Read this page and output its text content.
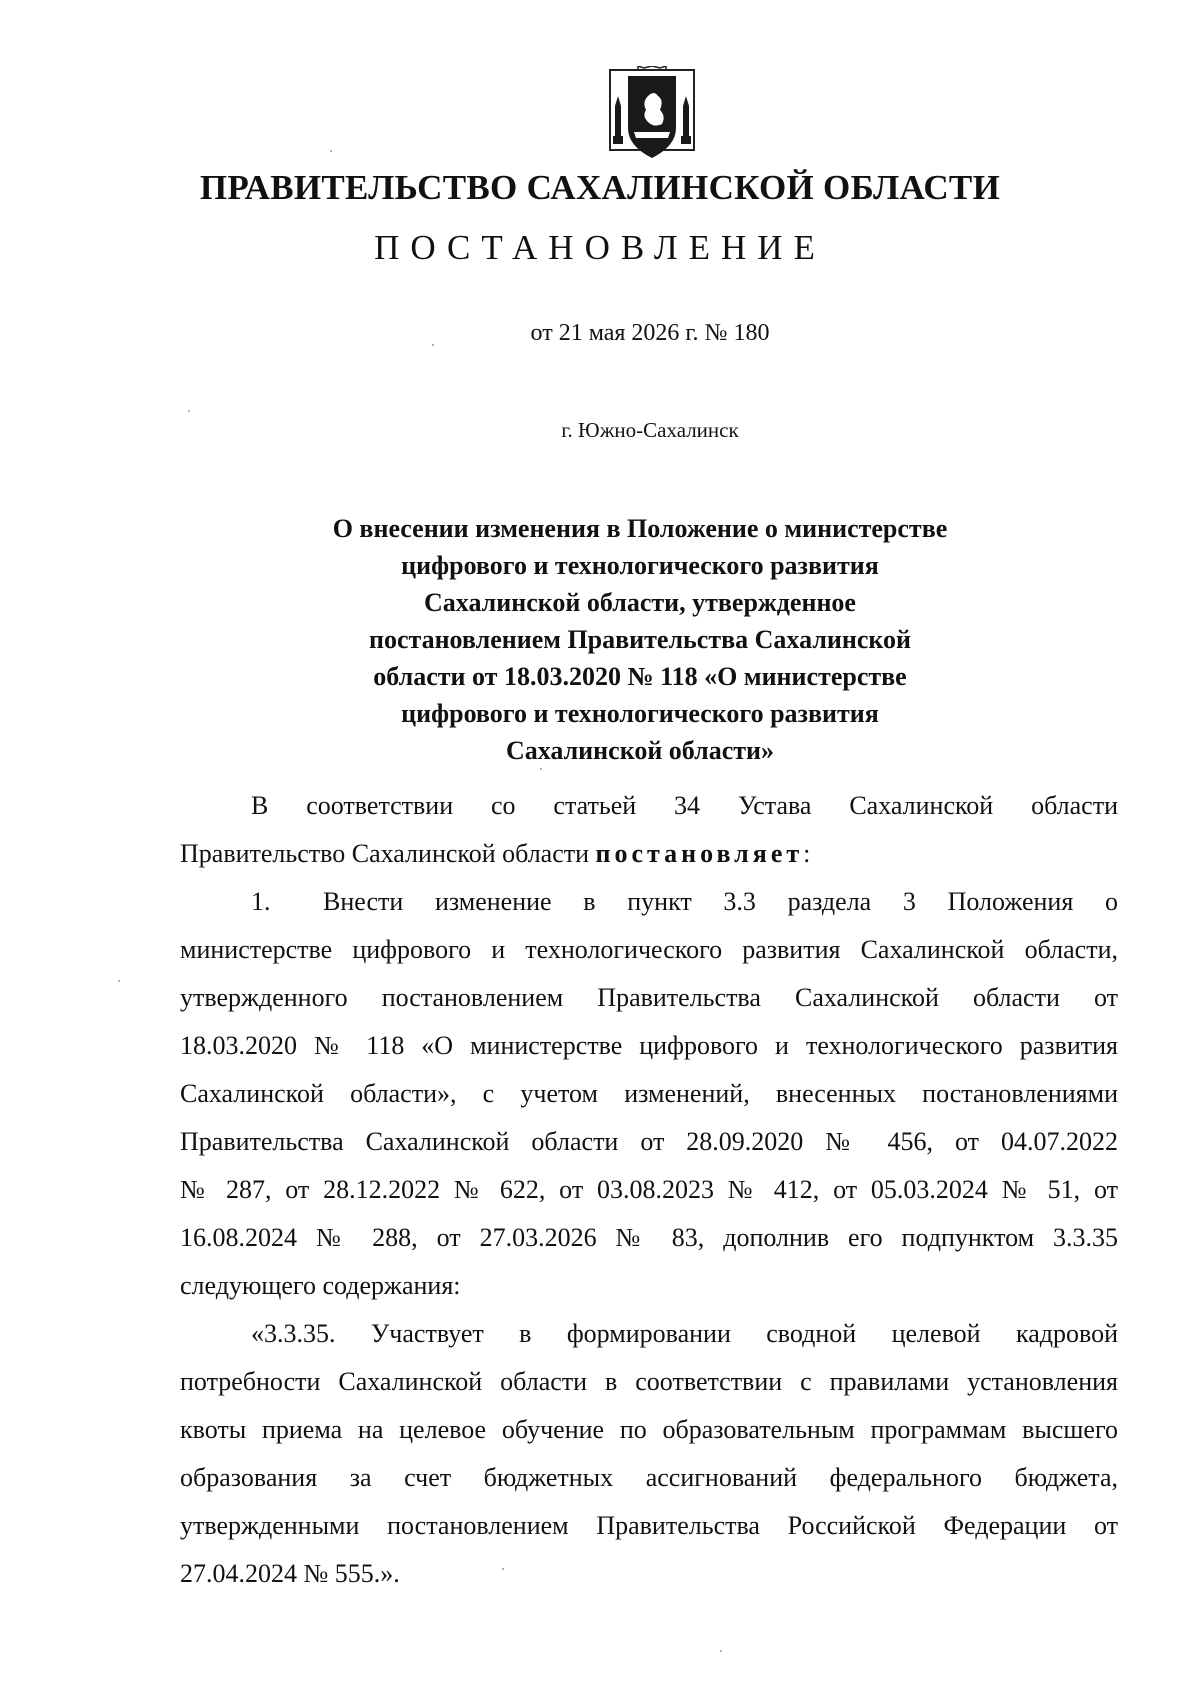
ПРАВИТЕЛЬСТВО САХАЛИНСКОЙ ОБЛАСТИ
ПОСТАНОВЛЕНИЕ
от 21 мая 2026 г. № 180
г. Южно-Сахалинск
О внесении изменения в Положение о министерстве
цифрового и технологического развития
Сахалинской области, утвержденное
постановлением Правительства Сахалинской
области от 18.03.2020 № 118 «О министерстве
цифрового и технологического развития
Сахалинской области»
В соответствии со статьей 34 Устава Сахалинской области
Правительство Сахалинской области постановляет:
1.	Внести изменение в пункт 3.3 раздела 3 Положения о
министерстве цифрового и технологического развития Сахалинской области,
утвержденного постановлением Правительства Сахалинской области от
18.03.2020 № 118 «О министерстве цифрового и технологического развития
Сахалинской области», с учетом изменений, внесенных постановлениями
Правительства Сахалинской области от 28.09.2020 № 456, от 04.07.2022
№ 287, от 28.12.2022 № 622, от 03.08.2023 № 412, от 05.03.2024 № 51, от
16.08.2024 № 288, от 27.03.2026 № 83, дополнив его подпунктом 3.3.35
следующего содержания:
«3.3.35. Участвует в формировании сводной целевой кадровой
потребности Сахалинской области в соответствии с правилами установления
квоты приема на целевое обучение по образовательным программам высшего
образования за счет бюджетных ассигнований федерального бюджета,
утвержденными постановлением Правительства Российской Федерации от
27.04.2024 № 555.».
